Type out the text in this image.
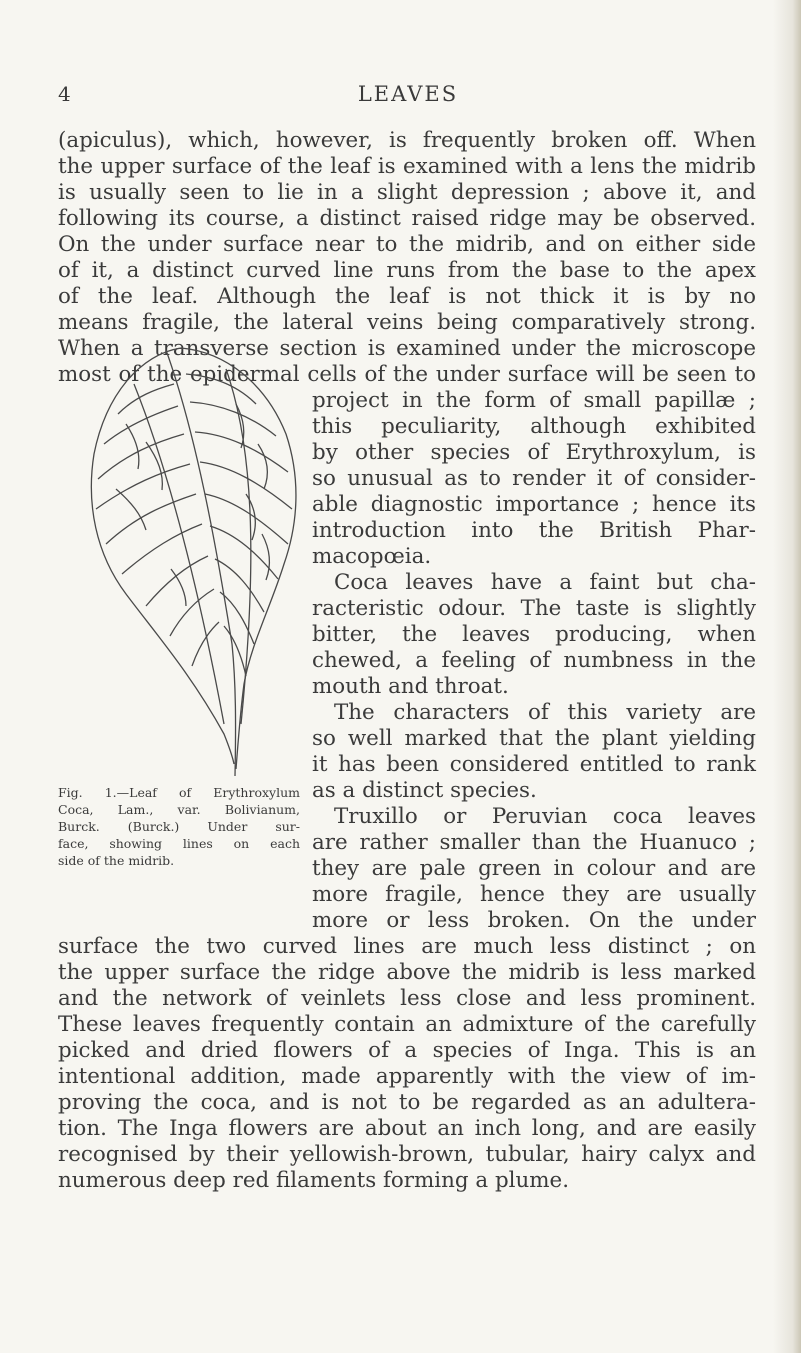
4	LEAVES
(apiculus), which, however, is frequently broken off. When
the upper surface of the leaf is examined with a lens the midrib
is usually seen to lie in a slight depression ; above it, and
following its course, a distinct raised ridge may be observed.
On the under surface near to the midrib, and on either side
of it, a distinct curved line runs from the base to the apex
of the leaf. Although the leaf is not thick it is by no
means fragile, the lateral veins being comparatively strong.
When a transverse section is examined under the microscope
most of the epidermal cells of the under surface will be seen to
project in the form of small papillæ ;
this peculiarity, although exhibited
by other species of Erythroxylum, is
so unusual as to render it of consider-
able diagnostic importance ; hence its
introduction into the British Phar-
macopœia.
Coca leaves have a faint but cha-
racteristic odour. The taste is slightly
bitter, the leaves producing, when
chewed, a feeling of numbness in the
mouth and throat.
The characters of this variety are
so well marked that the plant yielding
it has been considered entitled to rank
as a distinct species.
Truxillo or Peruvian coca leaves
are rather smaller than the Huanuco ;
they are pale green in colour and are
more fragile, hence they are usually
more or less broken. On the under
surface the two curved lines are much less distinct ; on
the upper surface the ridge above the midrib is less marked
and the network of veinlets less close and less prominent.
These leaves frequently contain an admixture of the carefully
picked and dried flowers of a species of Inga. This is an
intentional addition, made apparently with the view of im-
proving the coca, and is not to be regarded as an adultera-
tion. The Inga flowers are about an inch long, and are easily
recognised by their yellowish-brown, tubular, hairy calyx and
numerous deep red filaments forming a plume.
Fig. 1.—Leaf of Erythroxylum
Coca, Lam., var. Bolivianum,
Burck. (Burck.) Under sur-
face, showing lines on each
side of the midrib.
